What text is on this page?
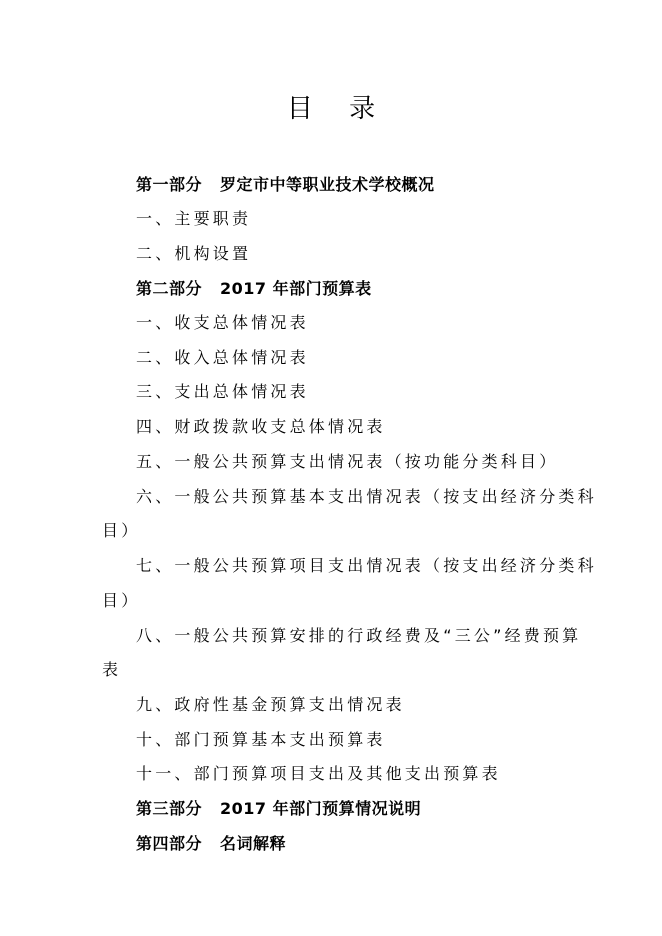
目 录
第一部分 罗定市中等职业技术学校概况
一、主要职责
二、机构设置
第二部分 2017 年部门预算表
一、收支总体情况表
二、收入总体情况表
三、支出总体情况表
四、财政拨款收支总体情况表
五、一般公共预算支出情况表（按功能分类科目）
六、一般公共预算基本支出情况表（按支出经济分类科
目）
七、一般公共预算项目支出情况表（按支出经济分类科
目）
八、一般公共预算安排的行政经费及“三公”经费预算
表
九、政府性基金预算支出情况表
十、部门预算基本支出预算表
十一、部门预算项目支出及其他支出预算表
第三部分 2017 年部门预算情况说明
第四部分 名词解释
